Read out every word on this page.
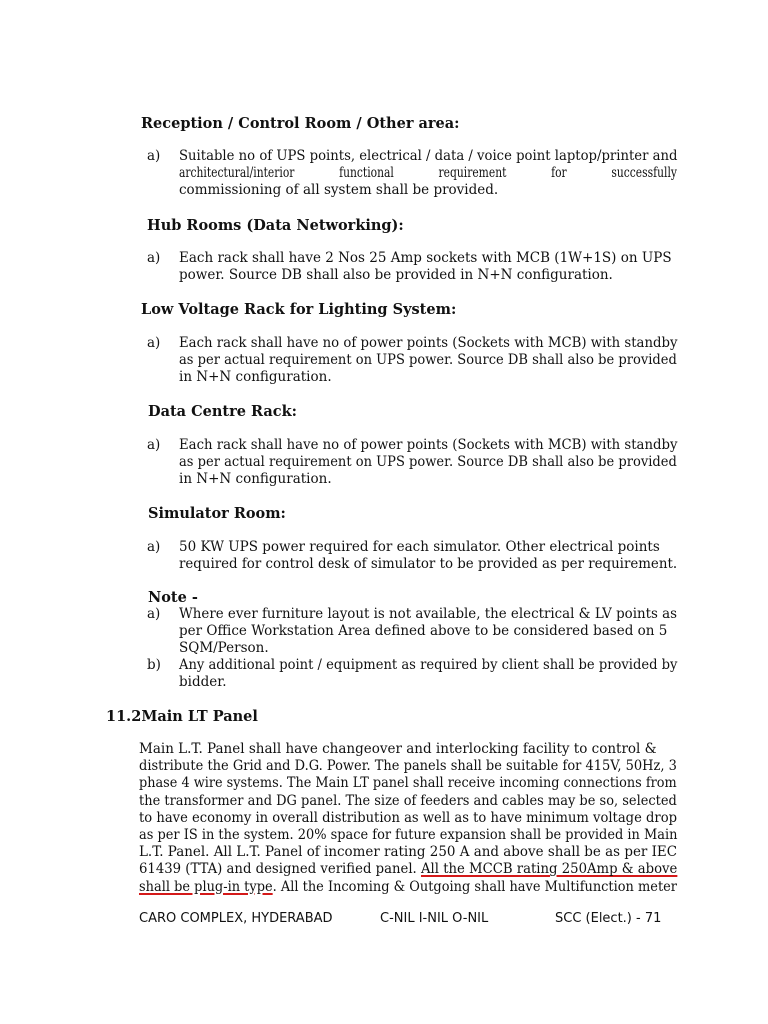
Reception / Control Room / Other area:
a) Suitable no of UPS points, electrical / data / voice point laptop/printer and
architectural/interior functional requirement for successfully
commissioning of all system shall be provided.
Hub Rooms (Data Networking):
a) Each rack shall have 2 Nos 25 Amp sockets with MCB (1W+1S) on UPS
power. Source DB shall also be provided in N+N configuration.
Low Voltage Rack for Lighting System:
a) Each rack shall have no of power points (Sockets with MCB) with standby
as per actual requirement on UPS power. Source DB shall also be provided
in N+N configuration.
Data Centre Rack:
a) Each rack shall have no of power points (Sockets with MCB) with standby
as per actual requirement on UPS power. Source DB shall also be provided
in N+N configuration.
Simulator Room:
a) 50 KW UPS power required for each simulator. Other electrical points
required for control desk of simulator to be provided as per requirement.
Note -
a) Where ever furniture layout is not available, the electrical & LV points as
per Office Workstation Area defined above to be considered based on 5
SQM/Person.
b) Any additional point / equipment as required by client shall be provided by
bidder.
11.2Main LT Panel
Main L.T. Panel shall have changeover and interlocking facility to control &
distribute the Grid and D.G. Power. The panels shall be suitable for 415V, 50Hz, 3
phase 4 wire systems. The Main LT panel shall receive incoming connections from
the transformer and DG panel. The size of feeders and cables may be so, selected
to have economy in overall distribution as well as to have minimum voltage drop
as per IS in the system. 20% space for future expansion shall be provided in Main
L.T. Panel. All L.T. Panel of incomer rating 250 A and above shall be as per IEC
61439 (TTA) and designed verified panel. All the MCCB rating 250Amp & above
shall be plug-in type. All the Incoming & Outgoing shall have Multifunction meter
CARO COMPLEX, HYDERABAD	C-NIL I-NIL O-NIL	SCC (Elect.) - 71
